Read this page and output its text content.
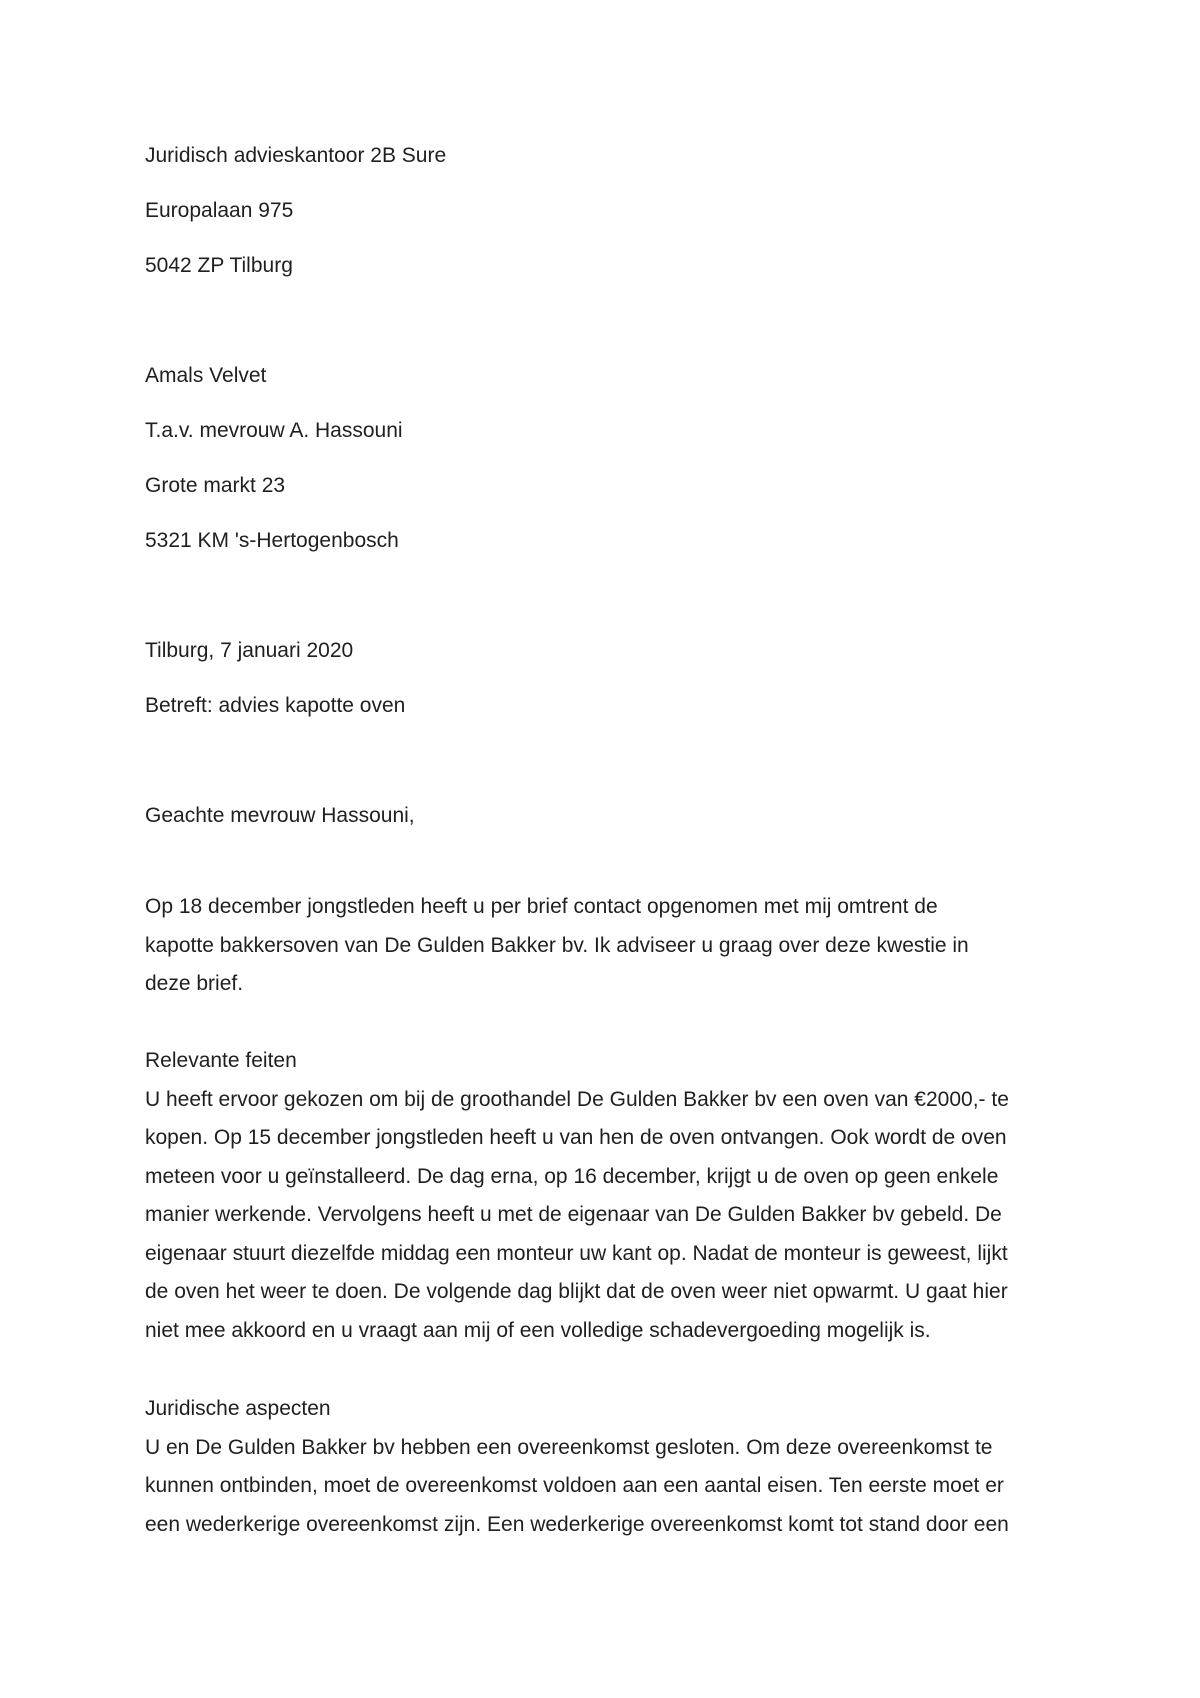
Juridisch advieskantoor 2B Sure
Europalaan 975
5042 ZP Tilburg
Amals Velvet
T.a.v. mevrouw A. Hassouni
Grote markt 23
5321 KM 's-Hertogenbosch
Tilburg, 7 januari 2020
Betreft: advies kapotte oven
Geachte mevrouw Hassouni,

Op 18 december jongstleden heeft u per brief contact opgenomen met mij omtrent de
kapotte bakkersoven van De Gulden Bakker bv. Ik adviseer u graag over deze kwestie in
deze brief.

Relevante feiten
U heeft ervoor gekozen om bij de groothandel De Gulden Bakker bv een oven van €2000,- te
kopen. Op 15 december jongstleden heeft u van hen de oven ontvangen. Ook wordt de oven
meteen voor u geïnstalleerd. De dag erna, op 16 december, krijgt u de oven op geen enkele
manier werkende. Vervolgens heeft u met de eigenaar van De Gulden Bakker bv gebeld. De
eigenaar stuurt diezelfde middag een monteur uw kant op. Nadat de monteur is geweest, lijkt
de oven het weer te doen. De volgende dag blijkt dat de oven weer niet opwarmt. U gaat hier
niet mee akkoord en u vraagt aan mij of een volledige schadevergoeding mogelijk is.

Juridische aspecten
U en De Gulden Bakker bv hebben een overeenkomst gesloten. Om deze overeenkomst te
kunnen ontbinden, moet de overeenkomst voldoen aan een aantal eisen. Ten eerste moet er
een wederkerige overeenkomst zijn. Een wederkerige overeenkomst komt tot stand door een
